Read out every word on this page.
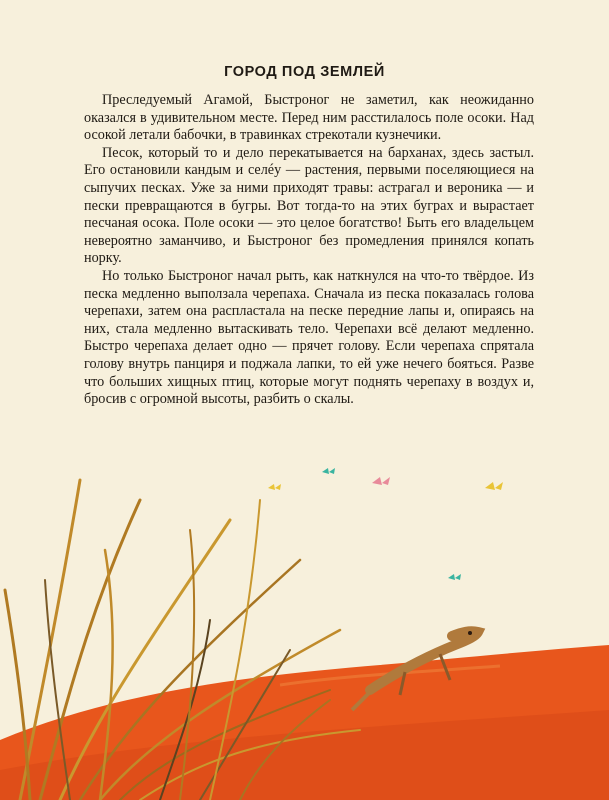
ГОРОД ПОД ЗЕМЛЕЙ

Преследуемый Агамой, Быстроног не заметил, как неожиданно оказался в удивительном месте. Перед ним расстилалось поле осоки. Над осокой летали бабочки, в травинках стрекотали кузнечики.

Песок, который то и дело перекатывается на барханах, здесь застыл. Его остановили кандым и селéу — растения, первыми поселяющиеся на сыпучих песках. Уже за ними приходят травы: астрагал и вероника — и пески превращаются в бугры. Вот тогда-то на этих буграх и вырастает песчаная осока. Поле осоки — это целое богатство! Быть его владельцем невероятно заманчиво, и Быстроног без промедления принялся копать норку.

Но только Быстроног начал рыть, как наткнулся на что-то твёрдое. Из песка медленно выползала черепаха. Сначала из песка показалась голова черепахи, затем она распластала на песке передние лапы и, опираясь на них, стала медленно вытаскивать тело. Черепахи всё делают медленно. Быстро черепаха делает одно — прячет голову. Если черепаха спрятала голову внутрь панциря и поджала лапки, то ей уже нечего бояться. Разве что больших хищных птиц, которые могут поднять черепаху в воздух и, бросив с огромной высоты, разбить о скалы.
